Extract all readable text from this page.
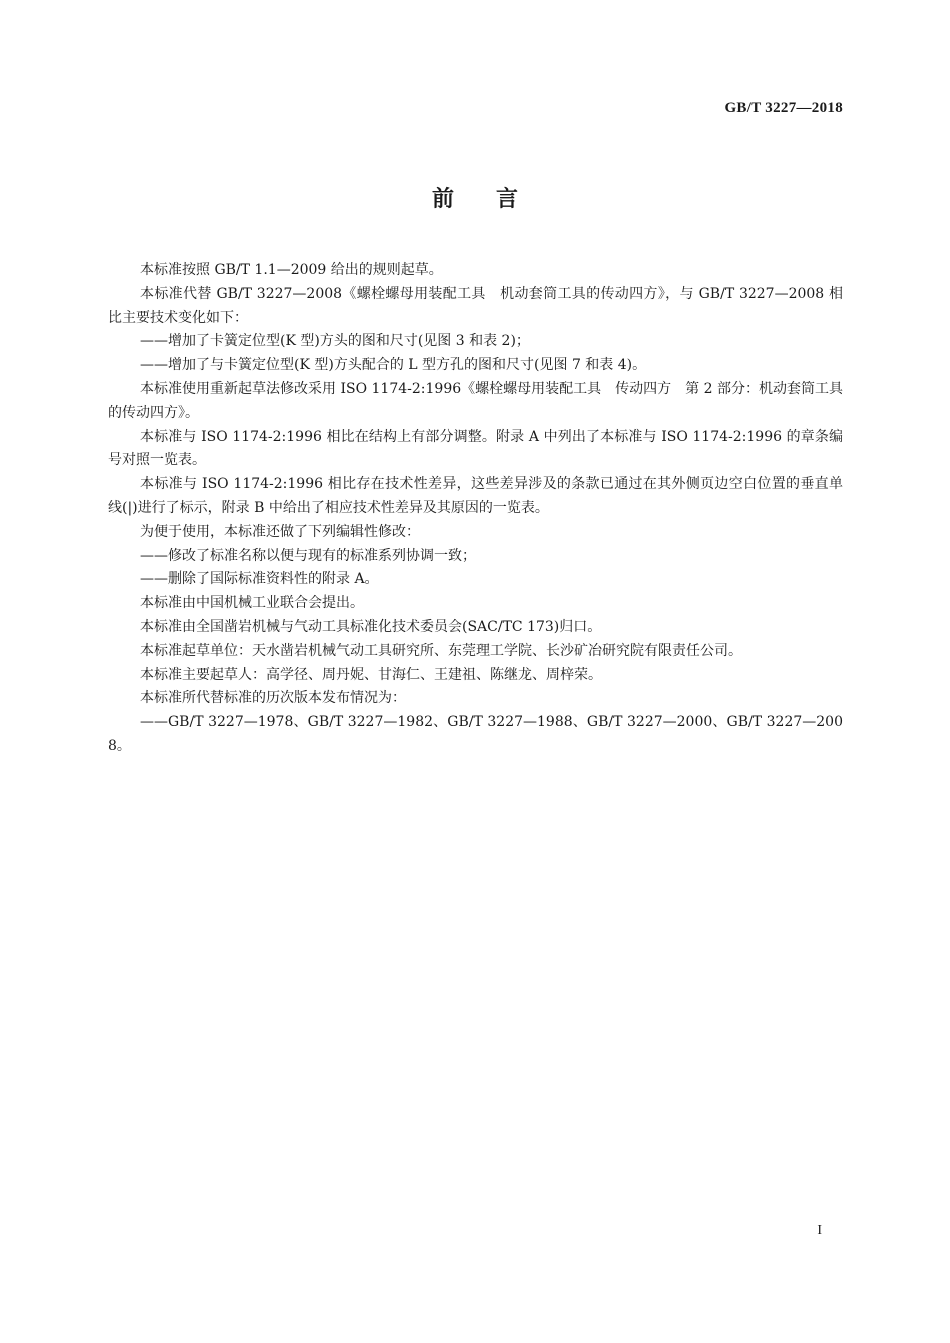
GB/T 3227—2018
前言

本标准按照 GB/T 1.1—2009 给出的规则起草。

本标准代替 GB/T 3227—2008《螺栓螺母用装配工具　机动套筒工具的传动四方》，与 GB/T 3227—2008 相比主要技术变化如下：

——增加了卡簧定位型(K 型)方头的图和尺寸(见图 3 和表 2)；

——增加了与卡簧定位型(K 型)方头配合的 L 型方孔的图和尺寸(见图 7 和表 4)。

本标准使用重新起草法修改采用 ISO 1174-2:1996《螺栓螺母用装配工具　传动四方　第 2 部分：机动套筒工具的传动四方》。

本标准与 ISO 1174-2:1996 相比在结构上有部分调整。附录 A 中列出了本标准与 ISO 1174-2:1996 的章条编号对照一览表。

本标准与 ISO 1174-2:1996 相比存在技术性差异，这些差异涉及的条款已通过在其外侧页边空白位置的垂直单线(|)进行了标示，附录 B 中给出了相应技术性差异及其原因的一览表。

为便于使用，本标准还做了下列编辑性修改：

——修改了标准名称以便与现有的标准系列协调一致；

——删除了国际标准资料性的附录 A。

本标准由中国机械工业联合会提出。

本标准由全国凿岩机械与气动工具标准化技术委员会(SAC/TC 173)归口。

本标准起草单位：天水凿岩机械气动工具研究所、东莞理工学院、长沙矿冶研究院有限责任公司。

本标准主要起草人：高学径、周丹妮、甘海仁、王建祖、陈继龙、周梓荣。

本标准所代替标准的历次版本发布情况为：

——GB/T 3227—1978、GB/T 3227—1982、GB/T 3227—1988、GB/T 3227—2000、GB/T 3227—2008。

I
